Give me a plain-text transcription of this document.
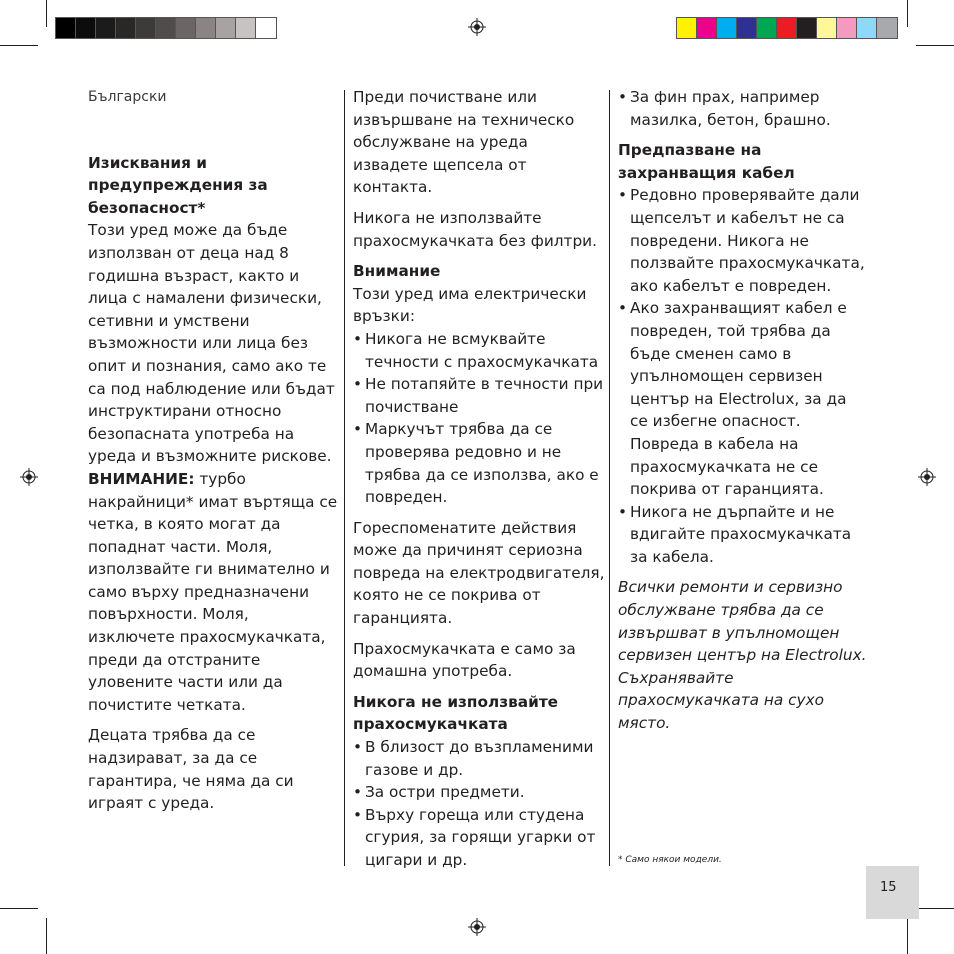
Български

Изисквания и предупреждения за безопасност*

Този уред може да бъде използван от деца над 8 годишна възраст, както и лица с намалени физически, сетивни и умствени възможности или лица без опит и познания, само ако те са под наблюдение или бъдат инструктирани относно безопасната употреба на уреда и възможните рискове.

ВНИМАНИЕ: турбо накрайници* имат въртяща се четка, в която могат да попаднат части. Моля, използвайте ги внимателно и само върху предназначени повърхности. Моля, изключете прахосмукачката, преди да отстраните уловените части или да почистите четката.

Децата трябва да се надзирават, за да се гарантира, че няма да си играят с уреда.

Преди почистване или извършване на техническо обслужване на уреда извадете щепсела от контакта.

Никога не използвайте прахосмукачката без филтри.

Внимание

Този уред има електрически връзки:

• Никога не всмуквайте течности с прахосмукачката

• Не потапяйте в течности при почистване

• Маркучът трябва да се проверява редовно и не трябва да се използва, ако е повреден.

Гореспоменатите действия може да причинят сериозна повреда на електродвигателя, която не се покрива от гаранцията.

Прахосмукачката е само за домашна употреба.

Никога не използвайте прахосмукачката

• В близост до възпламеними газове и др.

• За остри предмети.

• Върху гореща или студена сгурия, за горящи угарки от цигари и др.

• За фин прах, например мазилка, бетон, брашно.

Предпазване на захранващия кабел

• Редовно проверявайте дали щепселът и кабелът не са повредени. Никога не ползвайте прахосмукачката, ако кабелът е повреден.

• Ако захранващият кабел е повреден, той трябва да бъде сменен само в упълномощен сервизен център на Electrolux, за да се избегне опасност. Повреда в кабела на прахосмукачката не се покрива от гаранцията.

• Никога не дърпайте и не вдигайте прахосмукачката за кабела.

Всички ремонти и сервизно обслужване трябва да се извършват в упълномощен сервизен център на Electrolux. Съхранявайте прахосмукачката на сухо място.

* Само някои модели.

15
